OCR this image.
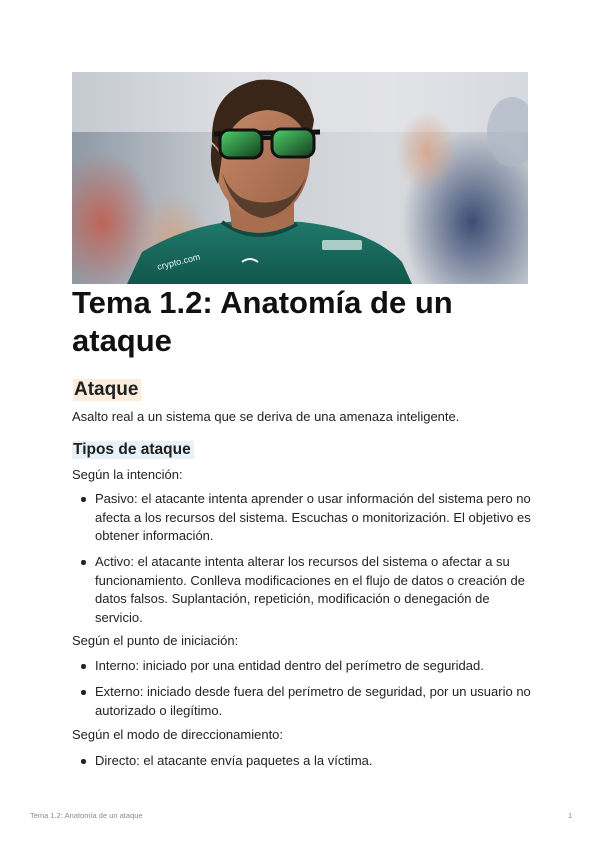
crypto.com
Tema 1.2: Anatomía de un ataque
Ataque

Asalto real a un sistema que se deriva de una amenaza inteligente.

Tipos de ataque

Según la intención:

Pasivo: el atacante intenta aprender o usar información del sistema pero no afecta a los recursos del sistema. Escuchas o monitorización. El objetivo es obtener información.

Activo: el atacante intenta alterar los recursos del sistema o afectar a su funcionamiento. Conlleva modificaciones en el flujo de datos o creación de datos falsos. Suplantación, repetición, modificación o denegación de servicio.

Según el punto de iniciación:

Interno: iniciado por una entidad dentro del perímetro de seguridad.

Externo: iniciado desde fuera del perímetro de seguridad, por un usuario no autorizado o ilegítimo.

Según el modo de direccionamiento:

Directo: el atacante envía paquetes a la víctima.

Tema 1.2: Anatomía de un ataque	1
